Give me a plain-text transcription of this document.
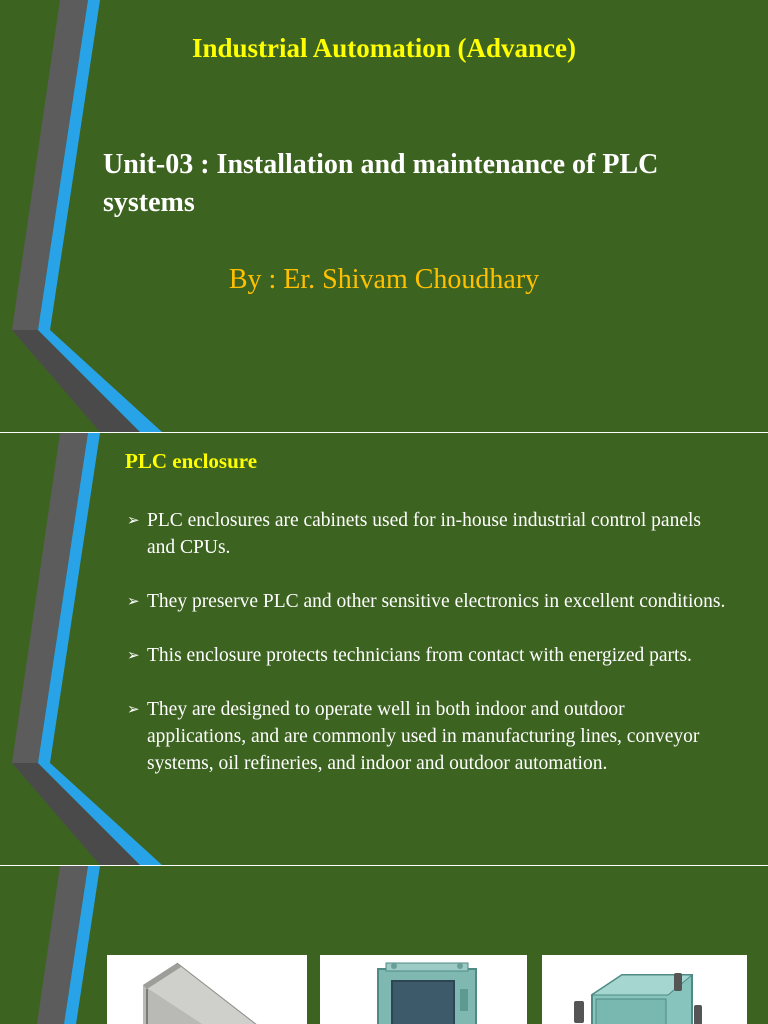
Industrial Automation (Advance)
Unit-03 : Installation and maintenance of PLC systems
By : Er. Shivam Choudhary
PLC enclosure
➢ PLC enclosures are cabinets used for in-house industrial control panels and CPUs.
➢ They preserve PLC and other sensitive electronics in excellent conditions.
➢ This enclosure protects technicians from contact with energized parts.
➢ They are designed to operate well in both indoor and outdoor applications, and are commonly used in manufacturing lines, conveyor systems, oil refineries, and indoor and outdoor automation.
